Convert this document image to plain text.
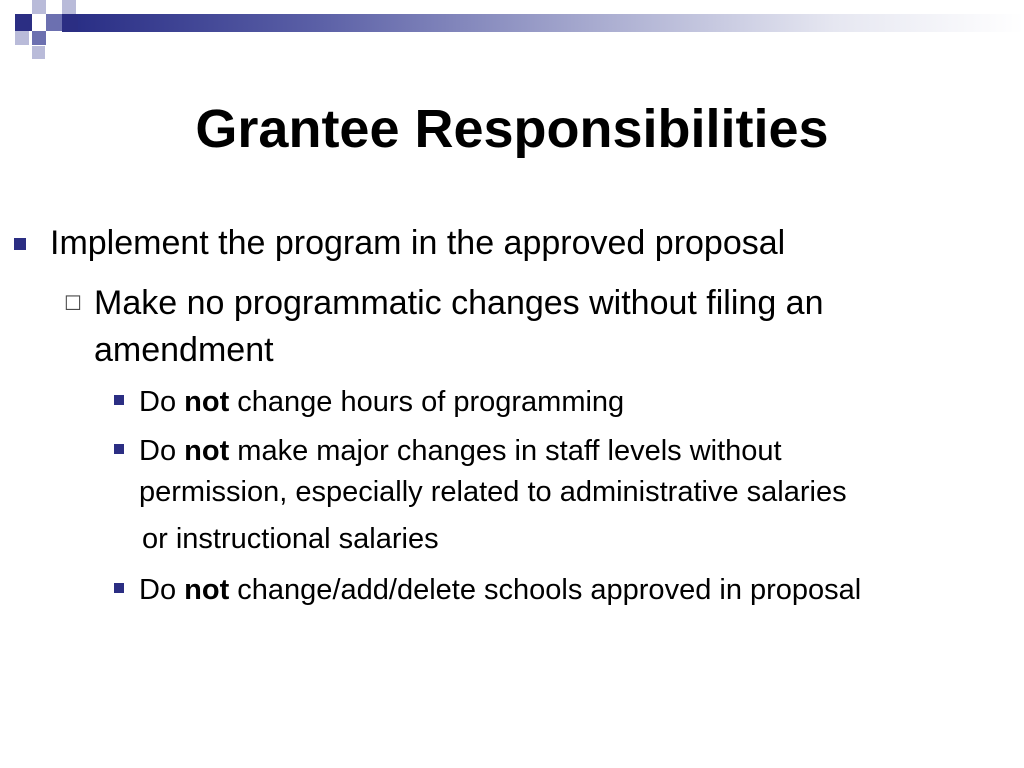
Grantee Responsibilities
Implement the program in the approved proposal
☐ Make no programmatic changes without filing an amendment
Do not change hours of programming
Do not make major changes in staff levels without
permission, especially related to administrative salaries
or instructional salaries
Do not change/add/delete schools approved in proposal
